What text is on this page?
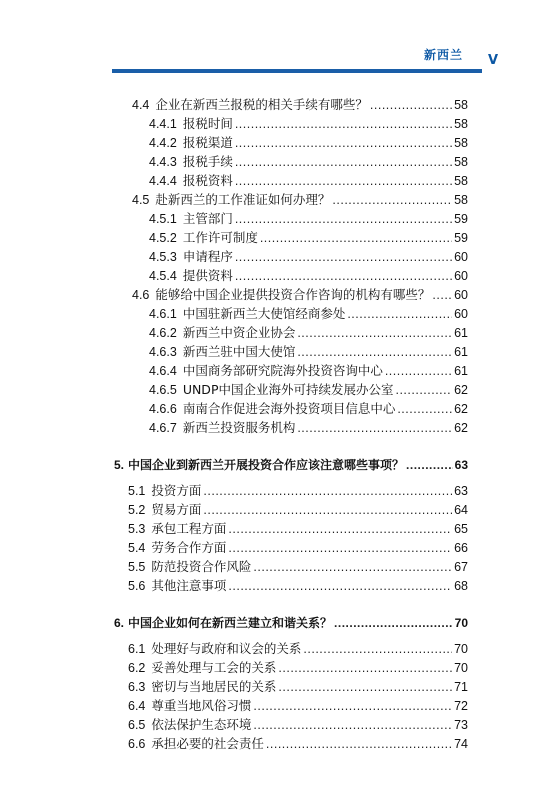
新西兰 V
4.4 企业在新西兰报税的相关手续有哪些？ .....	58
4.4.1 报税时间 .....	58
4.4.2 报税渠道 .....	58
4.4.3 报税手续 .....	58
4.4.4 报税资料 .....	58
4.5 赴新西兰的工作准证如何办理？ .....	58
4.5.1 主管部门 .....	59
4.5.2 工作许可制度 .....	59
4.5.3 申请程序 .....	60
4.5.4 提供资料 .....	60
4.6 能够给中国企业提供投资合作咨询的机构有哪些？ ..... 60
4.6.1 中国驻新西兰大使馆经商参处 .....	60
4.6.2 新西兰中资企业协会 .....	61
4.6.3 新西兰驻中国大使馆 .....	61
4.6.4 中国商务部研究院海外投资咨询中心 .....	61
4.6.5 UNDP中国企业海外可持续发展办公室 .....	62
4.6.6 南南合作促进会海外投资项目信息中心 .....	62
4.6.7 新西兰投资服务机构 .....	62
5. 中国企业到新西兰开展投资合作应该注意哪些事项？ .....	63
5.1 投资方面 .....	63
5.2 贸易方面 .....	64
5.3 承包工程方面 .....	65
5.4 劳务合作方面 .....	66
5.5 防范投资合作风险 .....	67
5.6 其他注意事项 .....	68
6. 中国企业如何在新西兰建立和谐关系？ .....	70
6.1 处理好与政府和议会的关系 .....	70
6.2 妥善处理与工会的关系 .....	70
6.3 密切与当地居民的关系 .....	71
6.4 尊重当地风俗习惯 .....	72
6.5 依法保护生态环境 .....	73
6.6 承担必要的社会责任 .....	74
